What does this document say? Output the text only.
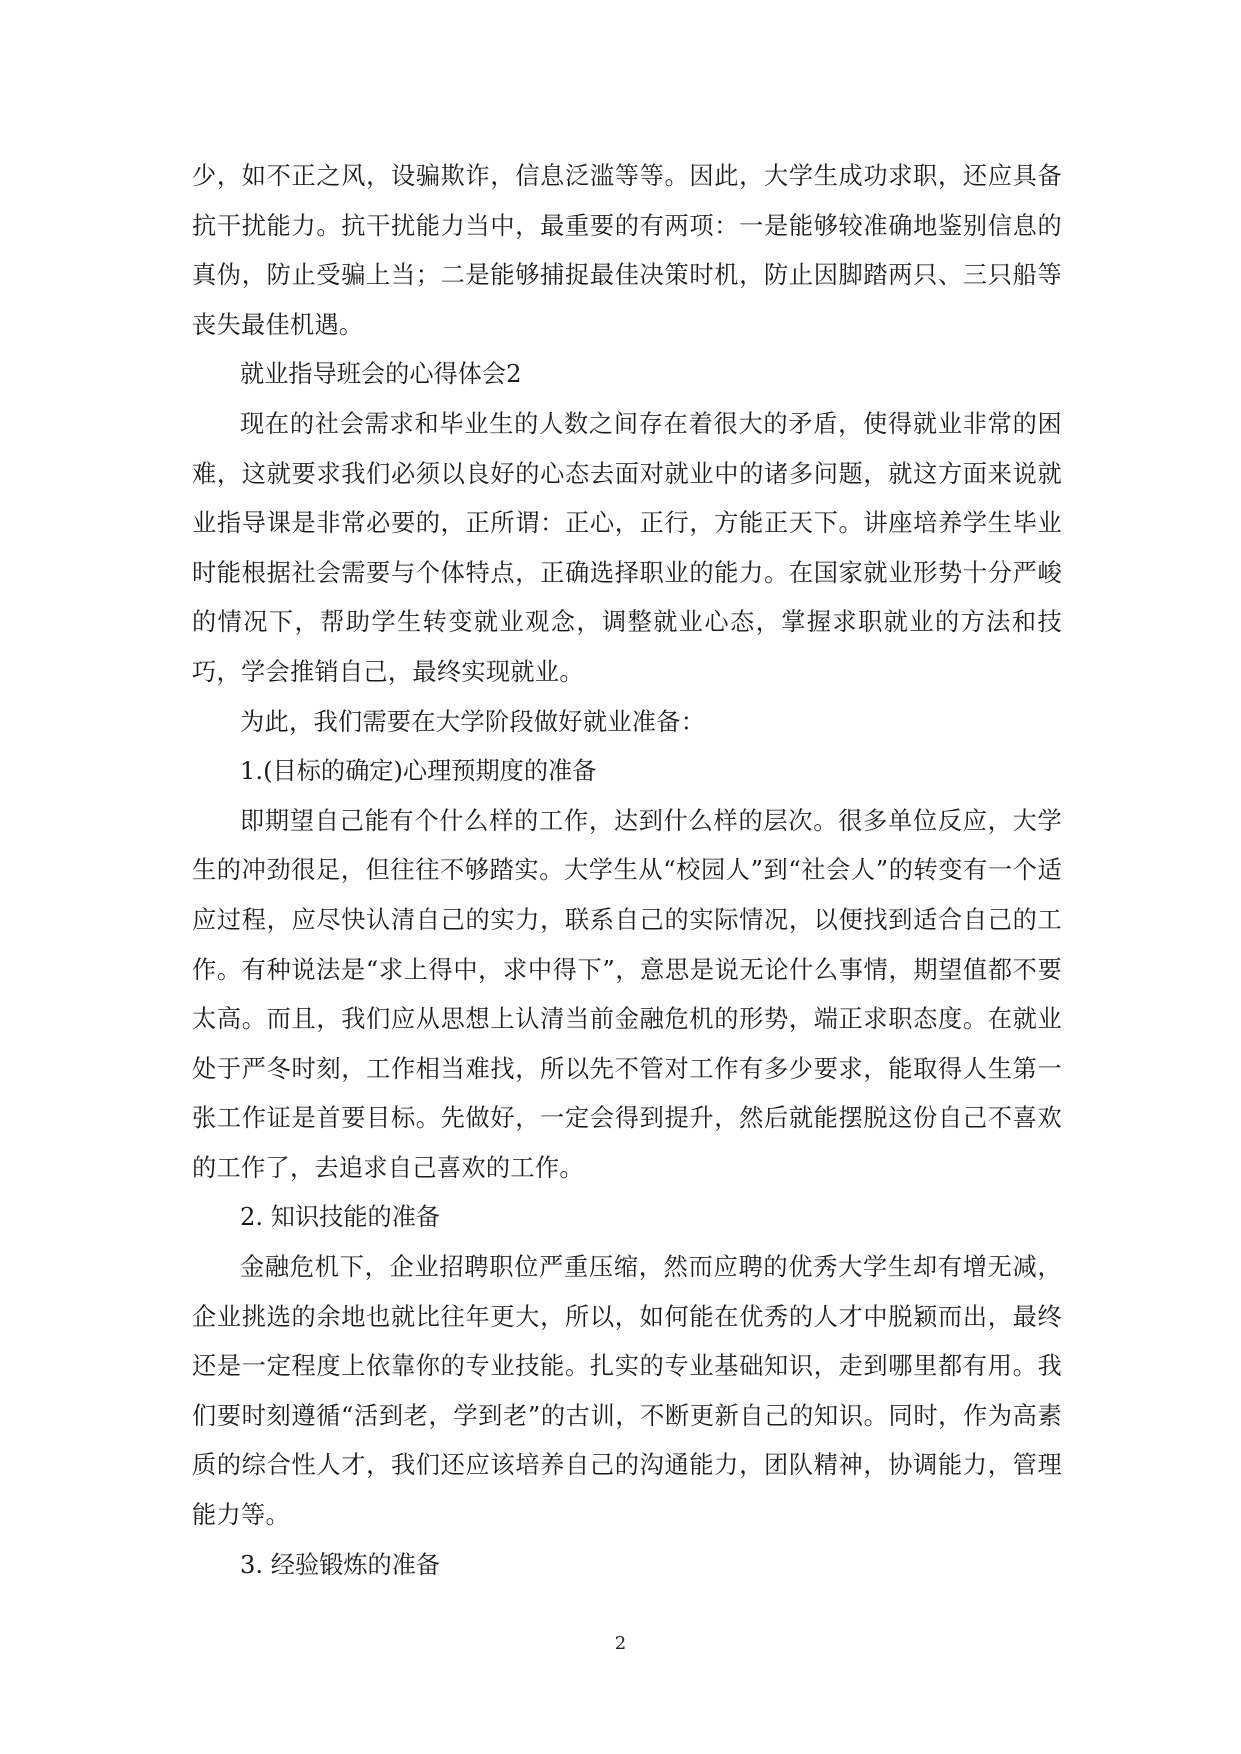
少，如不正之风，设骗欺诈，信息泛滥等等。因此，大学生成功求职，还应具备抗干扰能力。抗干扰能力当中，最重要的有两项：一是能够较准确地鉴别信息的真伪，防止受骗上当；二是能够捕捉最佳决策时机，防止因脚踏两只、三只船等丧失最佳机遇。

就业指导班会的心得体会2

现在的社会需求和毕业生的人数之间存在着很大的矛盾，使得就业非常的困难，这就要求我们必须以良好的心态去面对就业中的诸多问题，就这方面来说就业指导课是非常必要的，正所谓：正心，正行，方能正天下。讲座培养学生毕业时能根据社会需要与个体特点，正确选择职业的能力。在国家就业形势十分严峻的情况下，帮助学生转变就业观念，调整就业心态，掌握求职就业的方法和技巧，学会推销自己，最终实现就业。

为此，我们需要在大学阶段做好就业准备：

1.(目标的确定)心理预期度的准备

即期望自己能有个什么样的工作，达到什么样的层次。很多单位反应，大学生的冲劲很足，但往往不够踏实。大学生从“校园人”到“社会人”的转变有一个适应过程，应尽快认清自己的实力，联系自己的实际情况，以便找到适合自己的工作。有种说法是“求上得中，求中得下”，意思是说无论什么事情，期望值都不要太高。而且，我们应从思想上认清当前金融危机的形势，端正求职态度。在就业处于严冬时刻，工作相当难找，所以先不管对工作有多少要求，能取得人生第一张工作证是首要目标。先做好，一定会得到提升，然后就能摆脱这份自己不喜欢的工作了，去追求自己喜欢的工作。

2. 知识技能的准备

金融危机下，企业招聘职位严重压缩，然而应聘的优秀大学生却有增无减，企业挑选的余地也就比往年更大，所以，如何能在优秀的人才中脱颖而出，最终还是一定程度上依靠你的专业技能。扎实的专业基础知识，走到哪里都有用。我们要时刻遵循“活到老，学到老”的古训，不断更新自己的知识。同时，作为高素质的综合性人才，我们还应该培养自己的沟通能力，团队精神，协调能力，管理能力等。

3. 经验锻炼的准备

2
